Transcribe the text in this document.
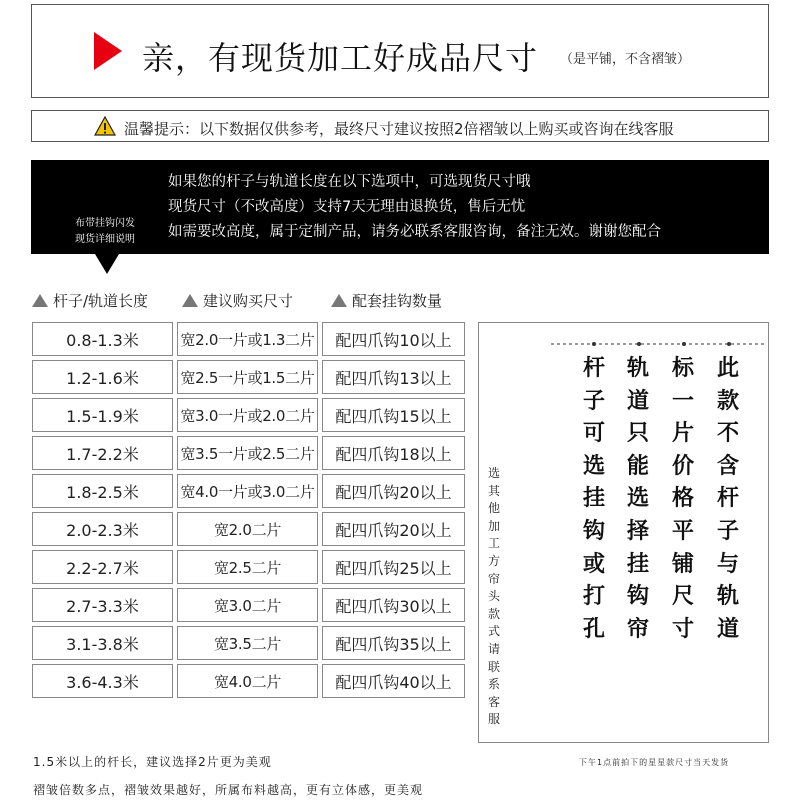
亲，有现货加工好成品尺寸 （是平铺，不含褶皱）
温馨提示：以下数据仅供参考，最终尺寸建议按照2倍褶皱以上购买或咨询在线客服
布带挂钩闪发
现货详细说明
如果您的杆子与轨道长度在以下选项中，可选现货尺寸哦
现货尺寸（不改高度）支持7天无理由退换货，售后无忧
如需要改高度，属于定制产品，请务必联系客服咨询，备注无效。谢谢您配合
杆子/轨道长度	建议购买尺寸	配套挂钩数量
0.8-1.3米	宽2.0一片或1.3二片	配四爪钩10以上
1.2-1.6米	宽2.5一片或1.5二片	配四爪钩13以上
1.5-1.9米	宽3.0一片或2.0二片	配四爪钩15以上
1.7-2.2米	宽3.5一片或2.5二片	配四爪钩18以上
1.8-2.5米	宽4.0一片或3.0二片	配四爪钩20以上
2.0-2.3米	宽2.0二片	配四爪钩20以上
2.2-2.7米	宽2.5二片	配四爪钩25以上
2.7-3.3米	宽3.0二片	配四爪钩30以上
3.1-3.8米	宽3.5二片	配四爪钩35以上
3.6-4.3米	宽4.0二片	配四爪钩40以上
选其他加工方帘头款式请联系客服
杆子可选挂钩或打孔
轨道只能选择挂钩帘
标一片价格平铺尺寸
此款不含杆子与轨道
1.5米以上的杆长，建议选择2片更为美观
褶皱倍数多点，褶皱效果越好，所属布料越高，更有立体感，更美观
下午1点前拍下的星星款尺寸当天发货
